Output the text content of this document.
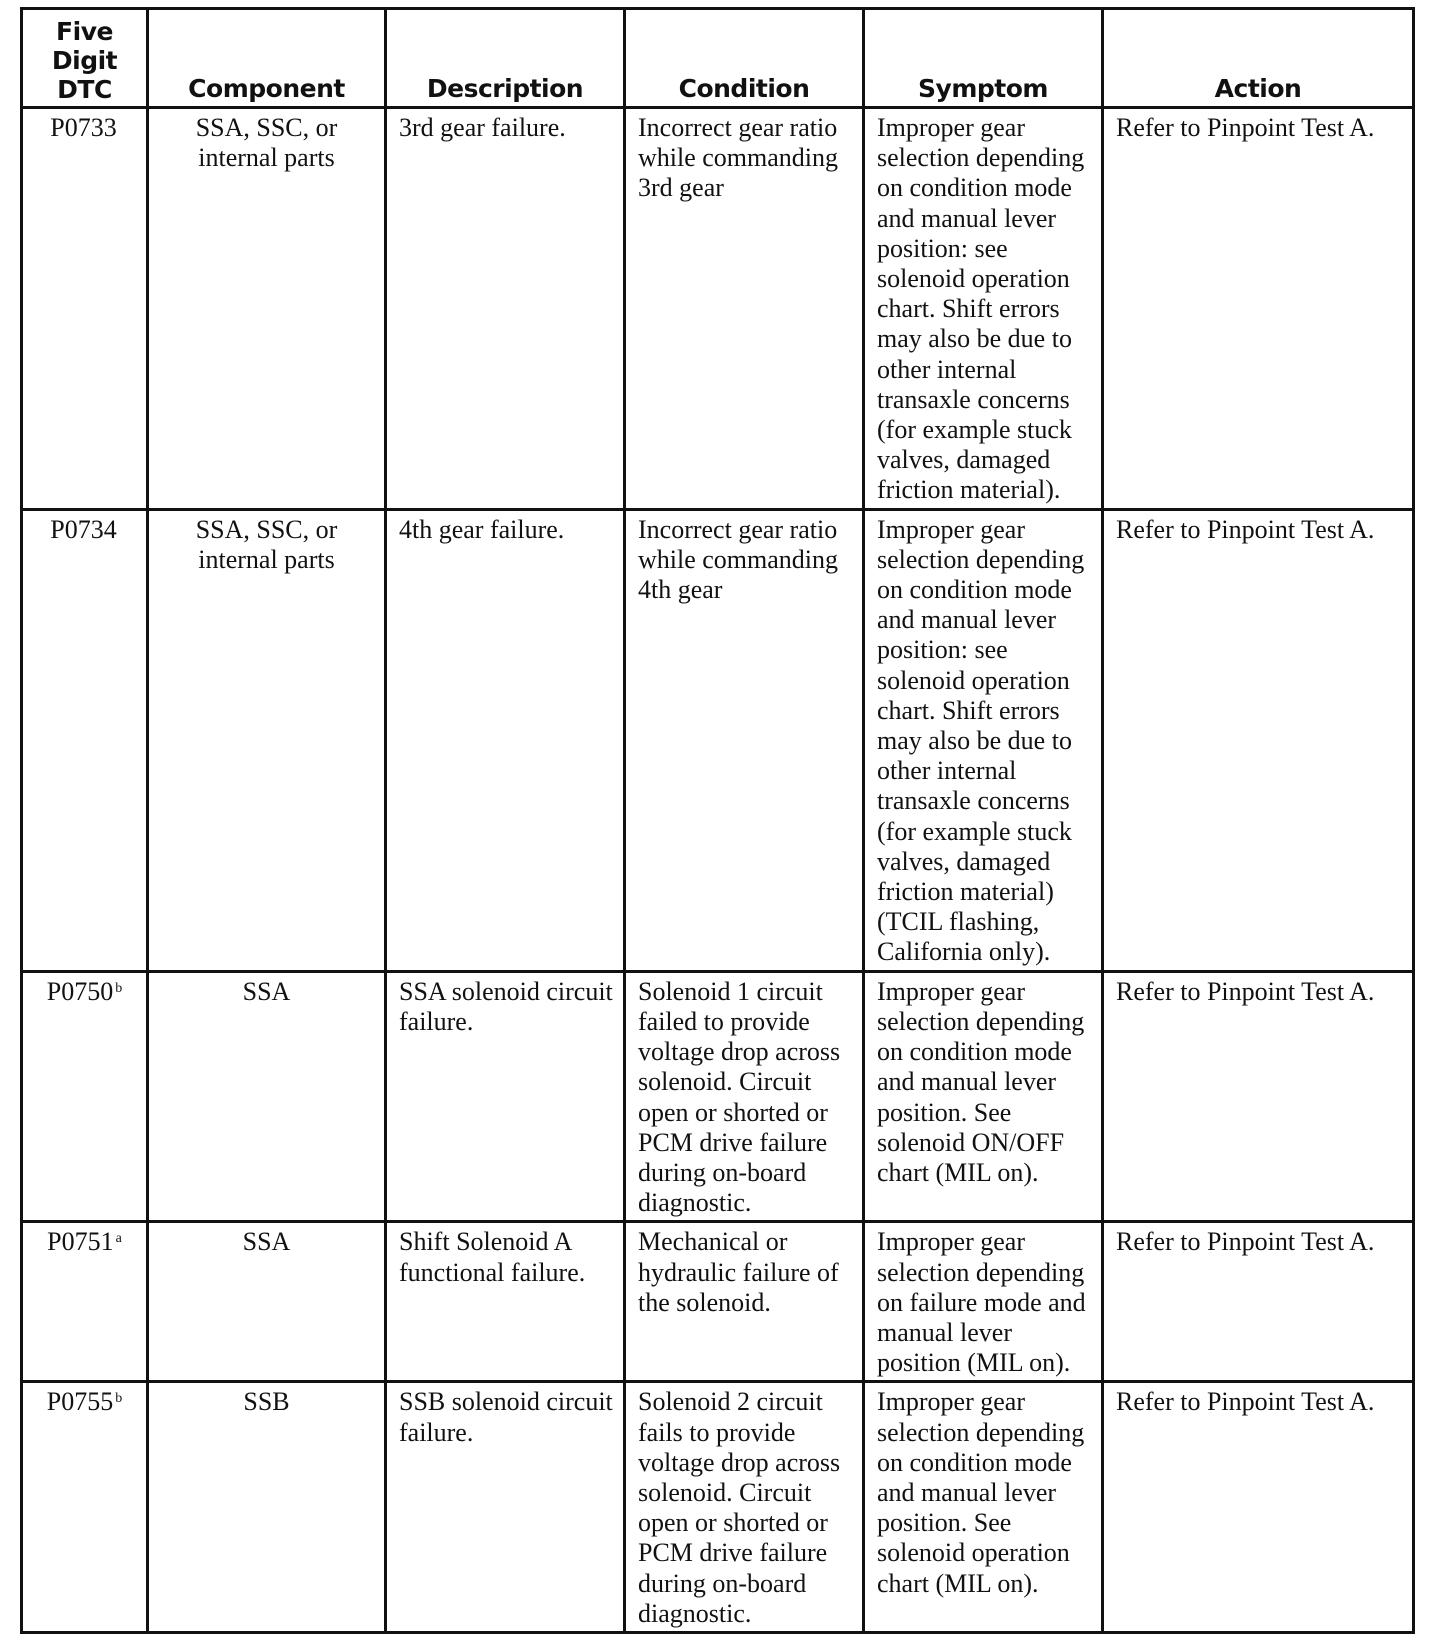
Five
Digit
DTC	Component	Description	Condition	Symptom	Action
P0733	SSA, SSC, or internal parts	3rd gear failure.	Incorrect gear ratio while commanding 3rd gear	Improper gear selection depending on condition mode and manual lever position: see solenoid operation chart. Shift errors may also be due to other internal transaxle concerns (for example stuck valves, damaged friction material).	Refer to Pinpoint Test A.
P0734	SSA, SSC, or internal parts	4th gear failure.	Incorrect gear ratio while commanding 4th gear	Improper gear selection depending on condition mode and manual lever position: see solenoid operation chart. Shift errors may also be due to other internal transaxle concerns (for example stuck valves, damaged friction material) (TCIL flashing, California only).	Refer to Pinpoint Test A.
P0750 $^b$	SSA	SSA solenoid circuit failure.	Solenoid 1 circuit failed to provide voltage drop across solenoid. Circuit open or shorted or PCM drive failure during on-board diagnostic.	Improper gear selection depending on condition mode and manual lever position. See solenoid ON/OFF chart (MIL on).	Refer to Pinpoint Test A.
P0751 $^a$	SSA	Shift Solenoid A functional failure.	Mechanical or hydraulic failure of the solenoid.	Improper gear selection depending on failure mode and manual lever position (MIL on).	Refer to Pinpoint Test A.
P0755 $^b$	SSB	SSB solenoid circuit failure.	Solenoid 2 circuit fails to provide voltage drop across solenoid. Circuit open or shorted or PCM drive failure during on-board diagnostic.	Improper gear selection depending on condition mode and manual lever position. See solenoid operation chart (MIL on).	Refer to Pinpoint Test A.
